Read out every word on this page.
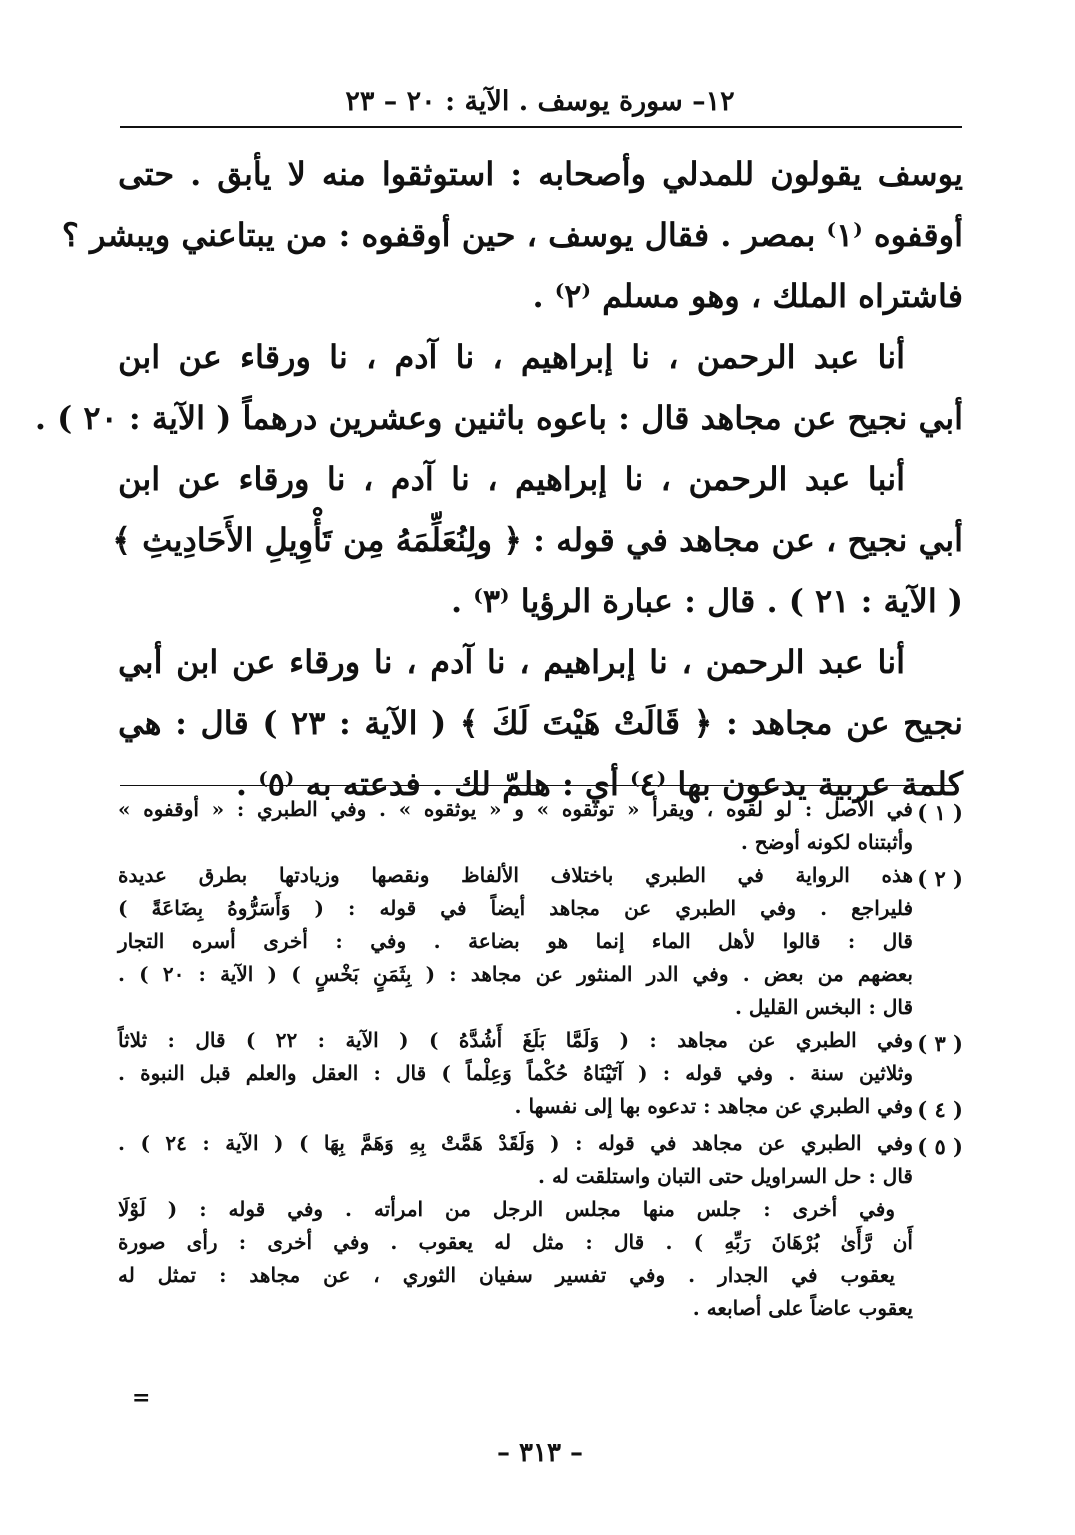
١٢– سورة يوسف . الآية : ٢٠ – ٢٣
يوسف يقولون للمدلي وأصحابه : استوثقوا منه لا يأبق . حتى
أوقفوه ⁽١⁾ بمصر . فقال يوسف ، حين أوقفوه : من يبتاعني ويبشر ؟
فاشتراه الملك ، وهو مسلم ⁽٢⁾ .
أنا عبد الرحمن ، نا إبراهيم ، نا آدم ، نا ورقاء عن ابن
أبي نجيح عن مجاهد قال : باعوه باثنين وعشرين درهماً ( الآية : ٢٠ ) .
أنبا عبد الرحمن ، نا إبراهيم ، نا آدم ، نا ورقاء عن ابن
أبي نجيح ، عن مجاهد في قوله : ﴿ ولِنُعَلِّمَهُ مِن تَأْوِيلِ الأَحَادِيثِ ﴾
( الآية : ٢١ ) . قال : عبارة الرؤيا ⁽٣⁾ .
أنا عبد الرحمن ، نا إبراهيم ، نا آدم ، نا ورقاء عن ابن أبي
نجيح عن مجاهد : ﴿ قَالَتْ هَيْتَ لَكَ ﴾ ( الآية : ٢٣ ) قال : هي
كلمة عربية يدعون بها ⁽٤⁾ أي : هلمّ لك . فدعته به ⁽٥⁾ .
( ١ )
في الأصل : لو لقوه ، ويقرأ « توثقوه » و « يوثقوه » . وفي الطبري : « أوقفوه »
وأثبتناه لكونه أوضح .
( ٢ )
هذه الرواية في الطبري باختلاف الألفاظ ونقصها وزيادتها بطرق عديدة
فليراجع . وفي الطبري عن مجاهد أيضاً في قوله : ( وَأَسَرُّوهُ بِضَاعَةً )
قال : قالوا لأهل الماء إنما هو بضاعة . وفي : أخرى أسره التجار
بعضهم من بعض . وفي الدر المنثور عن مجاهد : ( بِثَمَنٍ بَخْسٍ ) ( الآية : ٢٠ ) .
قال : البخس القليل .
( ٣ )
وفي الطبري عن مجاهد : ( وَلَمَّا بَلَغَ أَشُدَّهُ ) ( الآية : ٢٢ ) قال : ثلاثاً
وثلاثين سنة . وفي قوله : ( آتَيْنَاهُ حُكْماً وَعِلْماً ) قال : العقل والعلم قبل النبوة .
( ٤ )
وفي الطبري عن مجاهد : تدعوه بها إلى نفسها .
( ٥ )
وفي الطبري عن مجاهد في قوله : ( وَلَقَدْ هَمَّتْ بِهِ وَهَمَّ بِهَا ) ( الآية : ٢٤ ) .
قال : حل السراويل حتى التبان واستلقت له .
وفي أخرى : جلس منها مجلس الرجل من امرأته . وفي قوله : ( لَوْلَا
أَن رَّأَىٰ بُرْهَانَ رَبِّهِ ) . قال : مثل له يعقوب . وفي أخرى : رأى صورة
يعقوب في الجدار . وفي تفسير سفيان الثوري ، عن مجاهد : تمثل له
يعقوب عاضاً على أصابعه .
=
– ٣١٣ –
